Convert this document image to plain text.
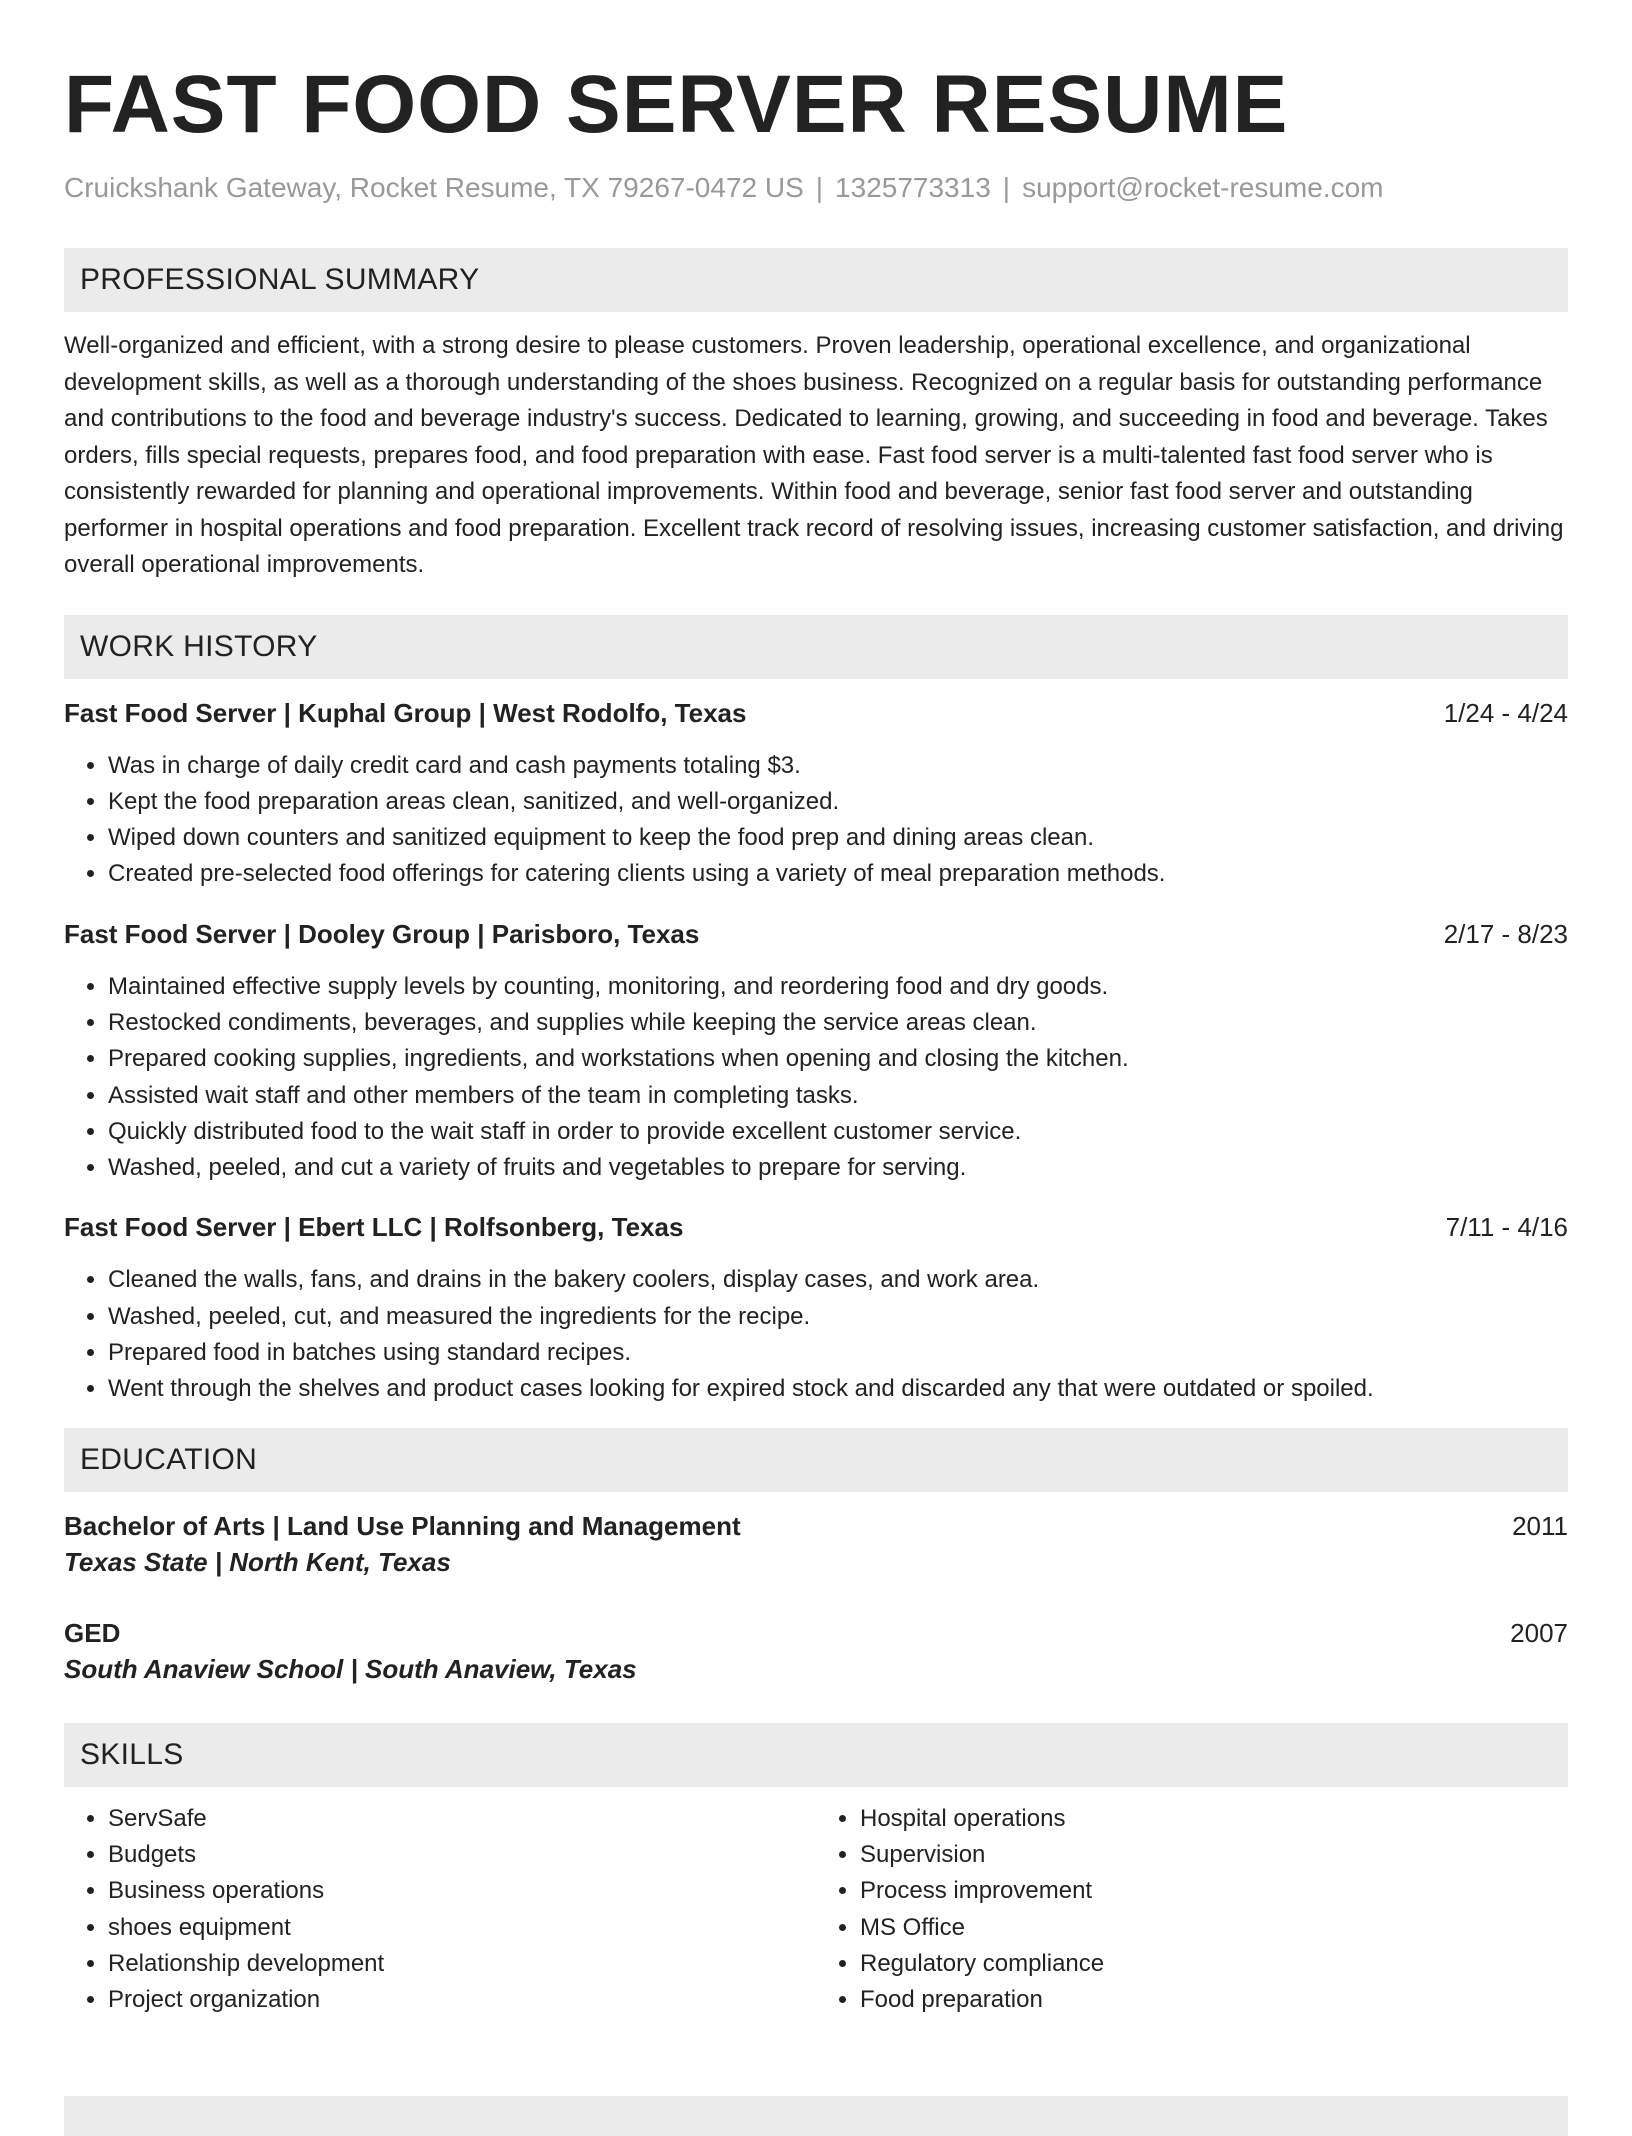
FAST FOOD SERVER RESUME
Cruickshank Gateway, Rocket Resume, TX 79267-0472 US | 1325773313 | support@rocket-resume.com
PROFESSIONAL SUMMARY

Well-organized and efficient, with a strong desire to please customers. Proven leadership, operational excellence, and organizational development skills, as well as a thorough understanding of the shoes business. Recognized on a regular basis for outstanding performance and contributions to the food and beverage industry's success. Dedicated to learning, growing, and succeeding in food and beverage. Takes orders, fills special requests, prepares food, and food preparation with ease. Fast food server is a multi-talented fast food server who is consistently rewarded for planning and operational improvements. Within food and beverage, senior fast food server and outstanding performer in hospital operations and food preparation. Excellent track record of resolving issues, increasing customer satisfaction, and driving overall operational improvements.

WORK HISTORY
Fast Food Server | Kuphal Group | West Rodolfo, Texas	1/24 - 4/24
• Was in charge of daily credit card and cash payments totaling $3.
• Kept the food preparation areas clean, sanitized, and well-organized.
• Wiped down counters and sanitized equipment to keep the food prep and dining areas clean.
• Created pre-selected food offerings for catering clients using a variety of meal preparation methods.
Fast Food Server | Dooley Group | Parisboro, Texas	2/17 - 8/23
• Maintained effective supply levels by counting, monitoring, and reordering food and dry goods.
• Restocked condiments, beverages, and supplies while keeping the service areas clean.
• Prepared cooking supplies, ingredients, and workstations when opening and closing the kitchen.
• Assisted wait staff and other members of the team in completing tasks.
• Quickly distributed food to the wait staff in order to provide excellent customer service.
• Washed, peeled, and cut a variety of fruits and vegetables to prepare for serving.
Fast Food Server | Ebert LLC | Rolfsonberg, Texas	7/11 - 4/16
• Cleaned the walls, fans, and drains in the bakery coolers, display cases, and work area.
• Washed, peeled, cut, and measured the ingredients for the recipe.
• Prepared food in batches using standard recipes.
• Went through the shelves and product cases looking for expired stock and discarded any that were outdated or spoiled.
EDUCATION
Bachelor of Arts | Land Use Planning and Management	2011
Texas State | North Kent, Texas
GED	2007
South Anaview School | South Anaview, Texas
SKILLS
• ServSafe
• Budgets
• Business operations
• shoes equipment
• Relationship development
• Project organization
• Hospital operations
• Supervision
• Process improvement
• MS Office
• Regulatory compliance
• Food preparation
